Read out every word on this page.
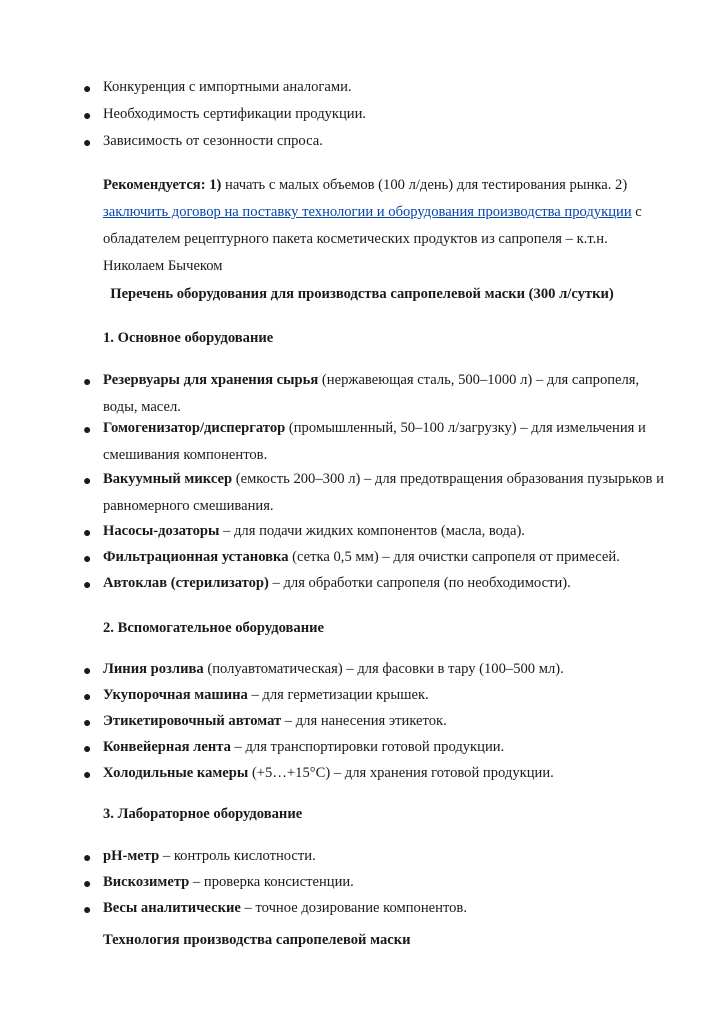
● Конкуренция с импортными аналогами.
● Необходимость сертификации продукции.
● Зависимость от сезонности спроса.
Рекомендуется: 1) начать с малых объемов (100 л/день) для тестирования рынка. 2)
заключить договор на поставку технологии и оборудования производства продукции с
обладателем рецептурного пакета косметических продуктов из сапропеля – к.т.н.
Николаем Бычеком
Перечень оборудования для производства сапропелевой маски (300 л/сутки)
1. Основное оборудование
● Резервуары для хранения сырья (нержавеющая сталь, 500–1000 л) – для сапропеля,
воды, масел.
● Гомогенизатор/диспергатор (промышленный, 50–100 л/загрузку) – для измельчения и
смешивания компонентов.
● Вакуумный миксер (емкость 200–300 л) – для предотвращения образования пузырьков и
равномерного смешивания.
● Насосы-дозаторы – для подачи жидких компонентов (масла, вода).
● Фильтрационная установка (сетка 0,5 мм) – для очистки сапропеля от примесей.
● Автоклав (стерилизатор) – для обработки сапропеля (по необходимости).
2. Вспомогательное оборудование
● Линия розлива (полуавтоматическая) – для фасовки в тару (100–500 мл).
● Укупорочная машина – для герметизации крышек.
● Этикетировочный автомат – для нанесения этикеток.
● Конвейерная лента – для транспортировки готовой продукции.
● Холодильные камеры (+5…+15°C) – для хранения готовой продукции.
3. Лабораторное оборудование
● pH-метр – контроль кислотности.
● Вискозиметр – проверка консистенции.
● Весы аналитические – точное дозирование компонентов.
Технология производства сапропелевой маски
